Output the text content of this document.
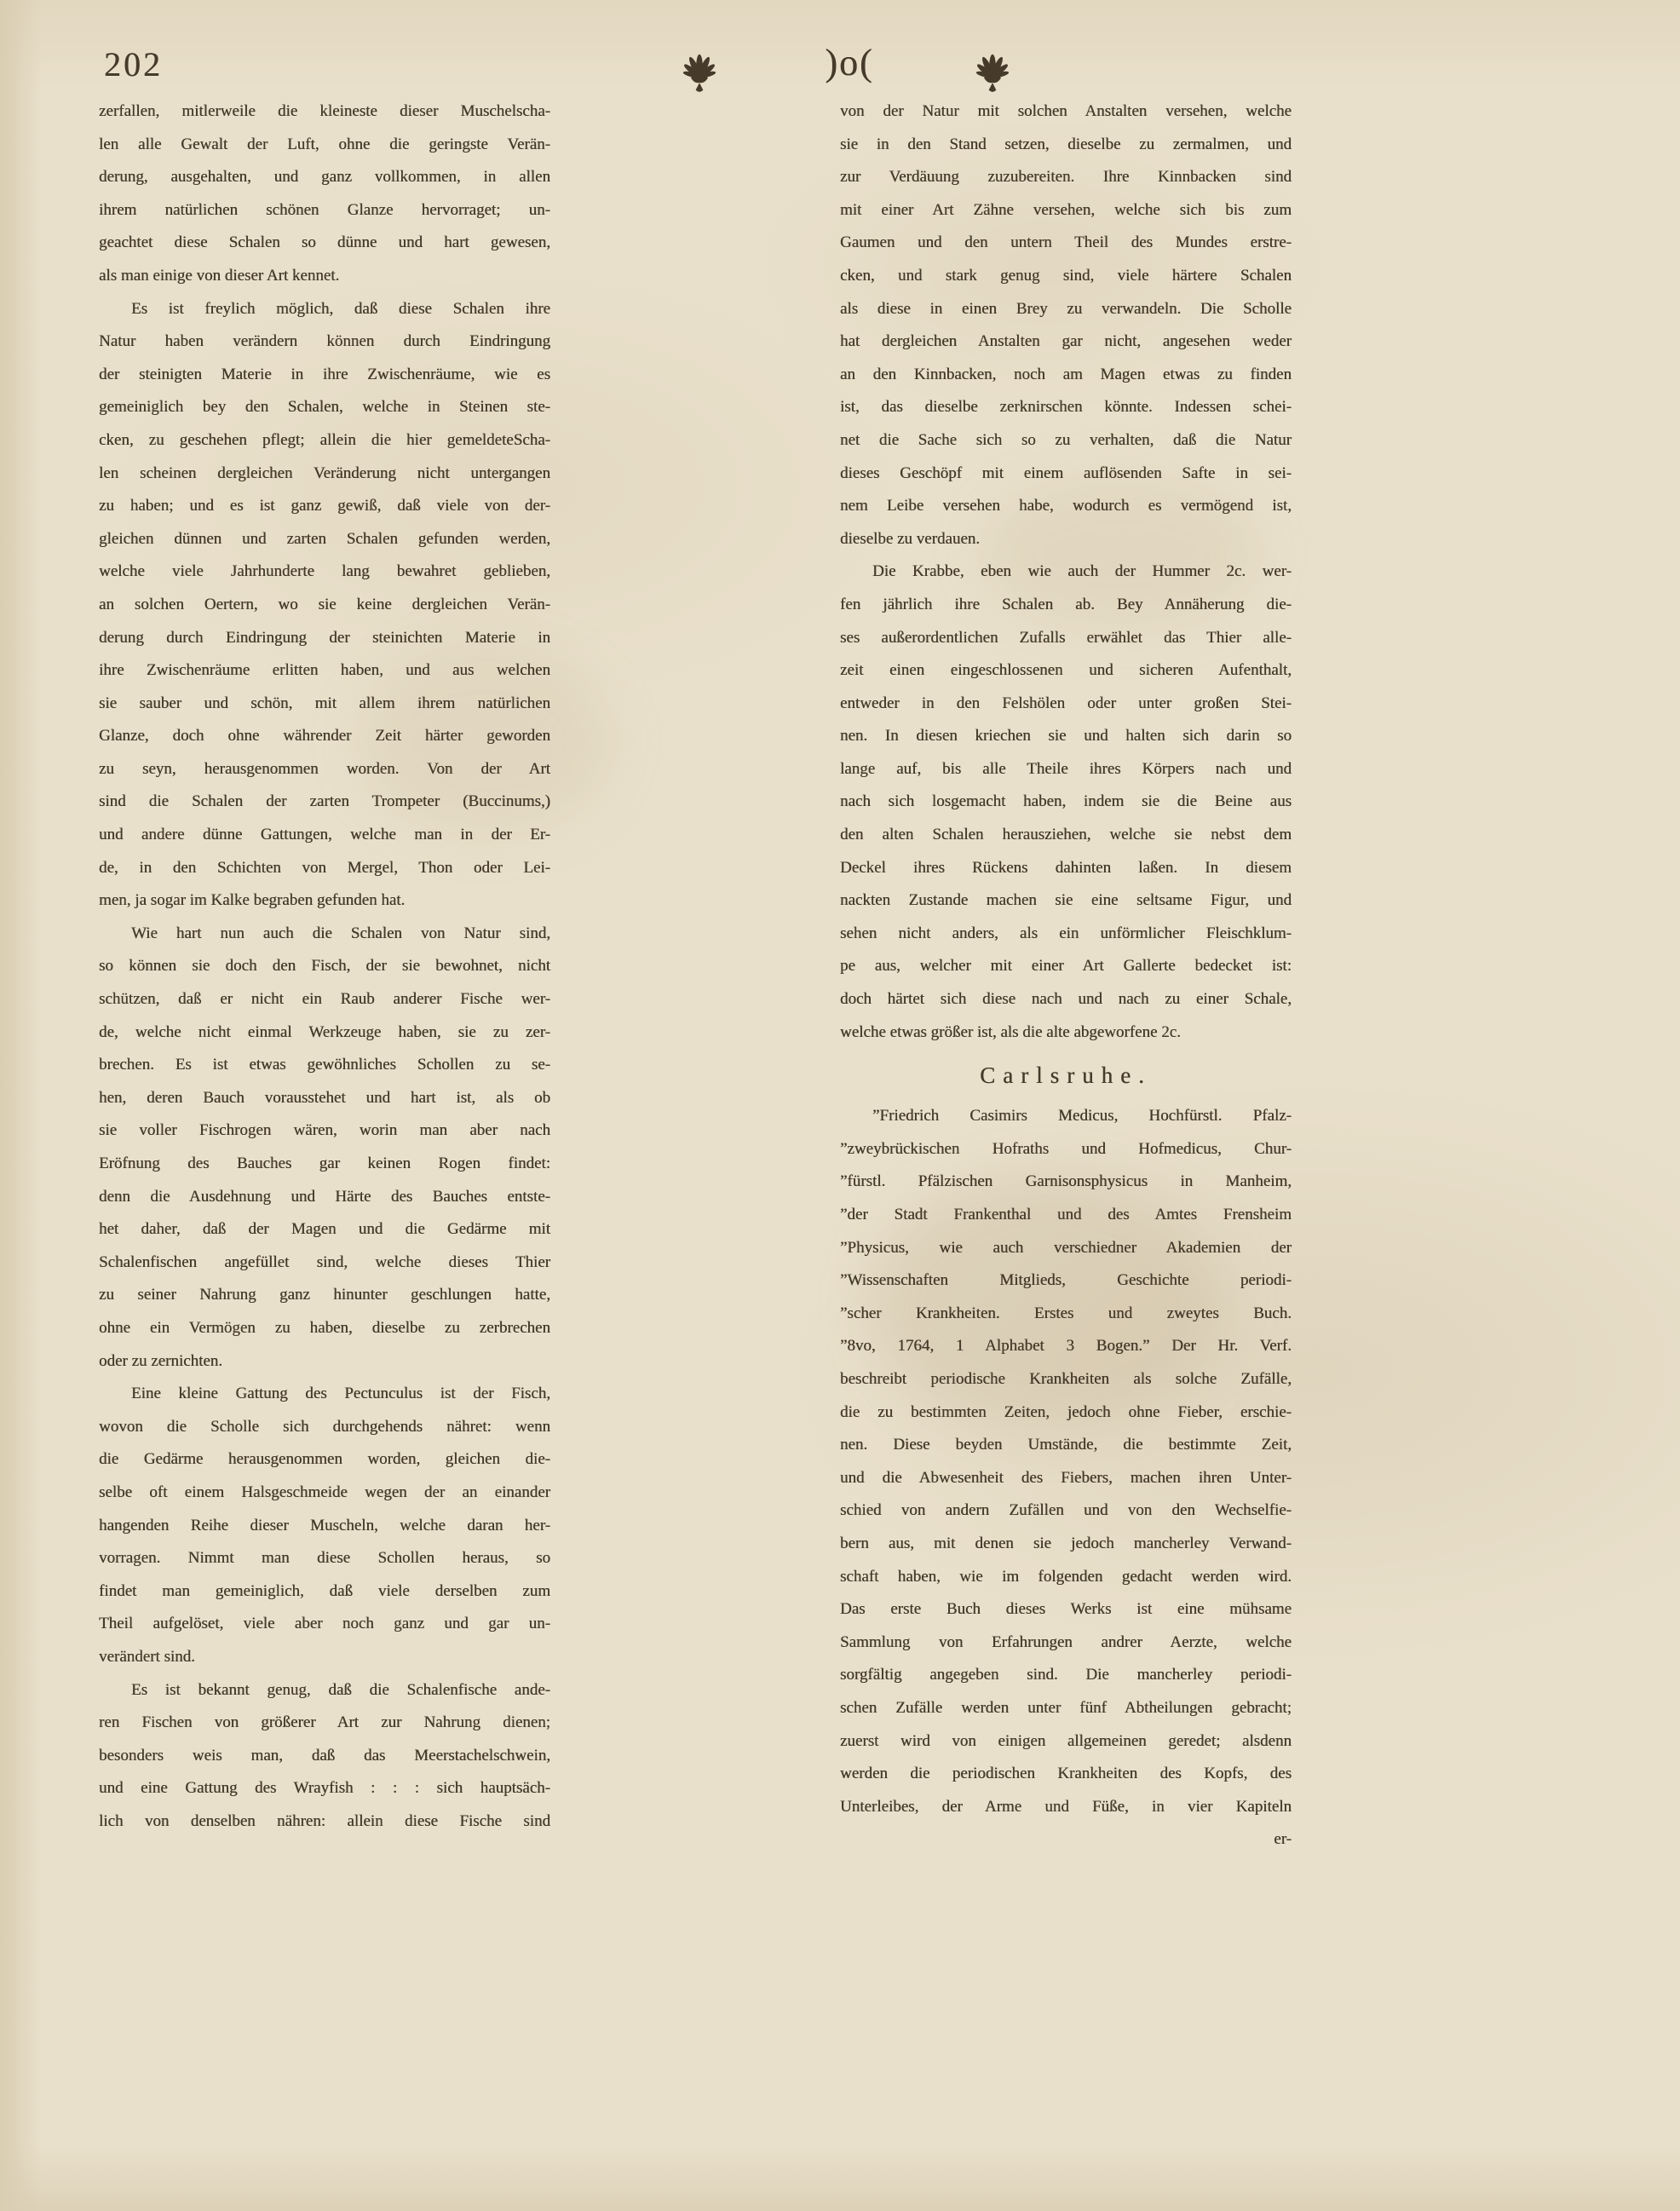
202	)o(
zerfallen, mitlerweile die kleineste dieser Muschelscha-
len alle Gewalt der Luft, ohne die geringste Verän-
derung, ausgehalten, und ganz vollkommen, in allen
ihrem natürlichen schönen Glanze hervorraget; un-
geachtet diese Schalen so dünne und hart gewesen,
als man einige von dieser Art kennet.
Es ist freylich möglich, daß diese Schalen ihre
Natur haben verändern können durch Eindringung
der steinigten Materie in ihre Zwischenräume, wie es
gemeiniglich bey den Schalen, welche in Steinen ste-
cken, zu geschehen pflegt; allein die hier gemeldeteScha-
len scheinen dergleichen Veränderung nicht untergangen
zu haben; und es ist ganz gewiß, daß viele von der-
gleichen dünnen und zarten Schalen gefunden werden,
welche viele Jahrhunderte lang bewahret geblieben,
an solchen Oertern, wo sie keine dergleichen Verän-
derung durch Eindringung der steinichten Materie in
ihre Zwischenräume erlitten haben, und aus welchen
sie sauber und schön, mit allem ihrem natürlichen
Glanze, doch ohne währender Zeit härter geworden
zu seyn, herausgenommen worden. Von der Art
sind die Schalen der zarten Trompeter (Buccinums,)
und andere dünne Gattungen, welche man in der Er-
de, in den Schichten von Mergel, Thon oder Lei-
men, ja sogar im Kalke begraben gefunden hat.
Wie hart nun auch die Schalen von Natur sind,
so können sie doch den Fisch, der sie bewohnet, nicht
schützen, daß er nicht ein Raub anderer Fische wer-
de, welche nicht einmal Werkzeuge haben, sie zu zer-
brechen. Es ist etwas gewöhnliches Schollen zu se-
hen, deren Bauch vorausstehet und hart ist, als ob
sie voller Fischrogen wären, worin man aber nach
Eröfnung des Bauches gar keinen Rogen findet:
denn die Ausdehnung und Härte des Bauches entste-
het daher, daß der Magen und die Gedärme mit
Schalenfischen angefüllet sind, welche dieses Thier
zu seiner Nahrung ganz hinunter geschlungen hatte,
ohne ein Vermögen zu haben, dieselbe zu zerbrechen
oder zu zernichten.
Eine kleine Gattung des Pectunculus ist der Fisch,
wovon die Scholle sich durchgehends nähret: wenn
die Gedärme herausgenommen worden, gleichen die-
selbe oft einem Halsgeschmeide wegen der an einander
hangenden Reihe dieser Muscheln, welche daran her-
vorragen. Nimmt man diese Schollen heraus, so
findet man gemeiniglich, daß viele derselben zum
Theil aufgelöset, viele aber noch ganz und gar un-
verändert sind.
Es ist bekannt genug, daß die Schalenfische ande-
ren Fischen von größerer Art zur Nahrung dienen;
besonders weis man, daß das Meerstachelschwein,
und eine Gattung des Wrayfish : : : sich hauptsäch-
lich von denselben nähren: allein diese Fische sind
von der Natur mit solchen Anstalten versehen, welche
sie in den Stand setzen, dieselbe zu zermalmen, und
zur Verdäuung zuzubereiten. Ihre Kinnbacken sind
mit einer Art Zähne versehen, welche sich bis zum
Gaumen und den untern Theil des Mundes erstre-
cken, und stark genug sind, viele härtere Schalen
als diese in einen Brey zu verwandeln. Die Scholle
hat dergleichen Anstalten gar nicht, angesehen weder
an den Kinnbacken, noch am Magen etwas zu finden
ist, das dieselbe zerknirschen könnte. Indessen schei-
net die Sache sich so zu verhalten, daß die Natur
dieses Geschöpf mit einem auflösenden Safte in sei-
nem Leibe versehen habe, wodurch es vermögend ist,
dieselbe zu verdauen.
Die Krabbe, eben wie auch der Hummer 2c. wer-
fen jährlich ihre Schalen ab. Bey Annäherung die-
ses außerordentlichen Zufalls erwählet das Thier alle-
zeit einen eingeschlossenen und sicheren Aufenthalt,
entweder in den Felshölen oder unter großen Stei-
nen. In diesen kriechen sie und halten sich darin so
lange auf, bis alle Theile ihres Körpers nach und
nach sich losgemacht haben, indem sie die Beine aus
den alten Schalen herausziehen, welche sie nebst dem
Deckel ihres Rückens dahinten laßen. In diesem
nackten Zustande machen sie eine seltsame Figur, und
sehen nicht anders, als ein unförmlicher Fleischklum-
pe aus, welcher mit einer Art Gallerte bedecket ist:
doch härtet sich diese nach und nach zu einer Schale,
welche etwas größer ist, als die alte abgeworfene 2c.
Carlsruhe.
”Friedrich Casimirs Medicus, Hochfürstl. Pfalz-
”zweybrückischen Hofraths und Hofmedicus, Chur-
”fürstl. Pfälzischen Garnisonsphysicus in Manheim,
”der Stadt Frankenthal und des Amtes Frensheim
”Physicus, wie auch verschiedner Akademien der
”Wissenschaften Mitglieds, Geschichte periodi-
”scher Krankheiten. Erstes und zweytes Buch.
”8vo, 1764, 1 Alphabet 3 Bogen.” Der Hr. Verf.
beschreibt periodische Krankheiten als solche Zufälle,
die zu bestimmten Zeiten, jedoch ohne Fieber, erschie-
nen. Diese beyden Umstände, die bestimmte Zeit,
und die Abwesenheit des Fiebers, machen ihren Unter-
schied von andern Zufällen und von den Wechselfie-
bern aus, mit denen sie jedoch mancherley Verwand-
schaft haben, wie im folgenden gedacht werden wird.
Das erste Buch dieses Werks ist eine mühsame
Sammlung von Erfahrungen andrer Aerzte, welche
sorgfältig angegeben sind. Die mancherley periodi-
schen Zufälle werden unter fünf Abtheilungen gebracht;
zuerst wird von einigen allgemeinen geredet; alsdenn
werden die periodischen Krankheiten des Kopfs, des
Unterleibes, der Arme und Füße, in vier Kapiteln
er-
